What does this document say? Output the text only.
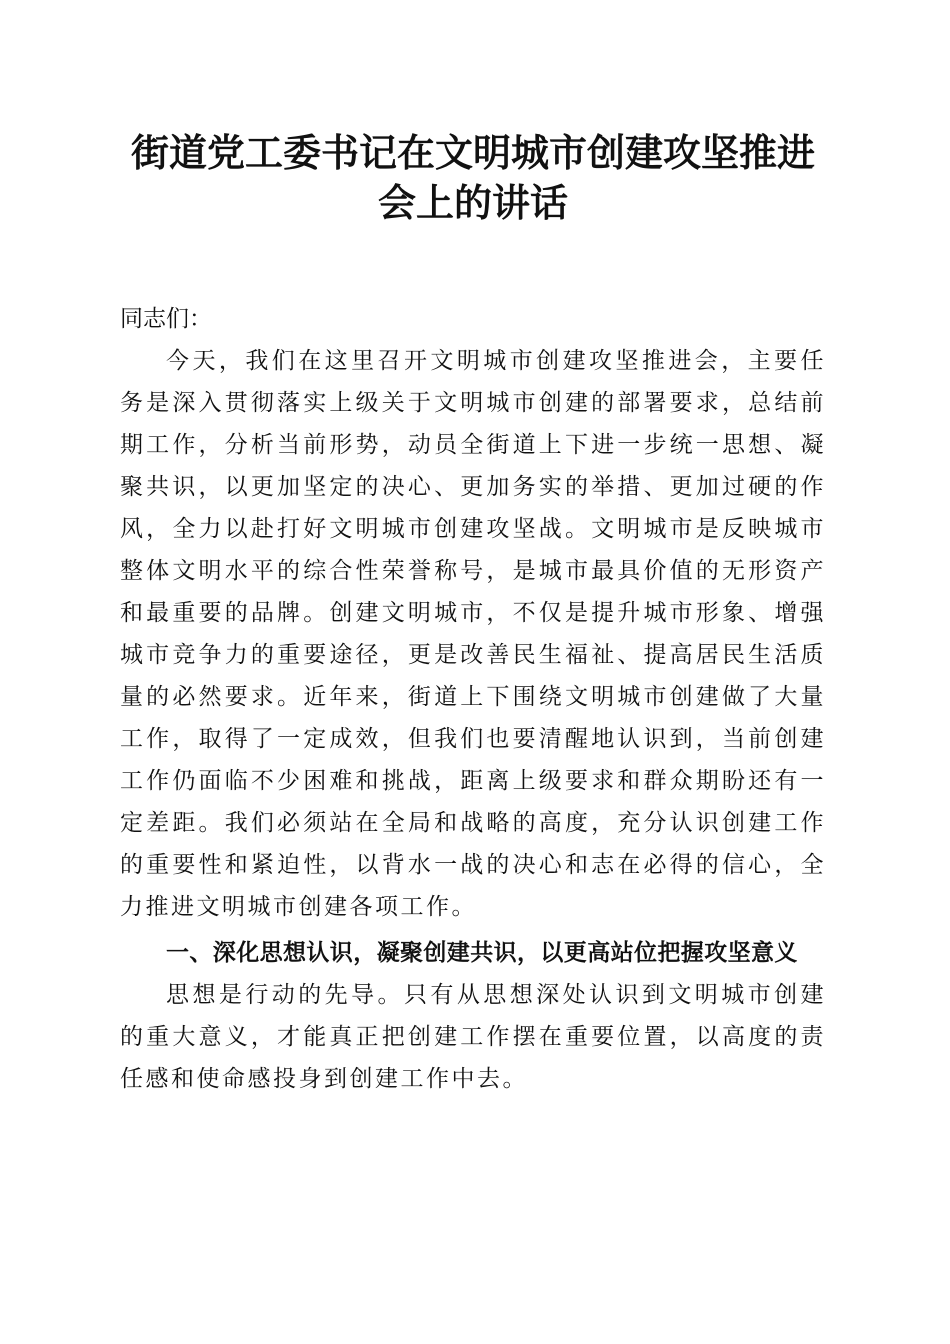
街道党工委书记在文明城市创建攻坚推进会上的讲话

同志们：

今天，我们在这里召开文明城市创建攻坚推进会，主要任务是深入贯彻落实上级关于文明城市创建的部署要求，总结前期工作，分析当前形势，动员全街道上下进一步统一思想、凝聚共识，以更加坚定的决心、更加务实的举措、更加过硬的作风，全力以赴打好文明城市创建攻坚战。文明城市是反映城市整体文明水平的综合性荣誉称号，是城市最具价值的无形资产和最重要的品牌。创建文明城市，不仅是提升城市形象、增强城市竞争力的重要途径，更是改善民生福祉、提高居民生活质量的必然要求。近年来，街道上下围绕文明城市创建做了大量工作，取得了一定成效，但我们也要清醒地认识到，当前创建工作仍面临不少困难和挑战，距离上级要求和群众期盼还有一定差距。我们必须站在全局和战略的高度，充分认识创建工作的重要性和紧迫性，以背水一战的决心和志在必得的信心，全力推进文明城市创建各项工作。

一、深化思想认识，凝聚创建共识，以更高站位把握攻坚意义

思想是行动的先导。只有从思想深处认识到文明城市创建的重大意义，才能真正把创建工作摆在重要位置，以高度的责任感和使命感投身到创建工作中去。
